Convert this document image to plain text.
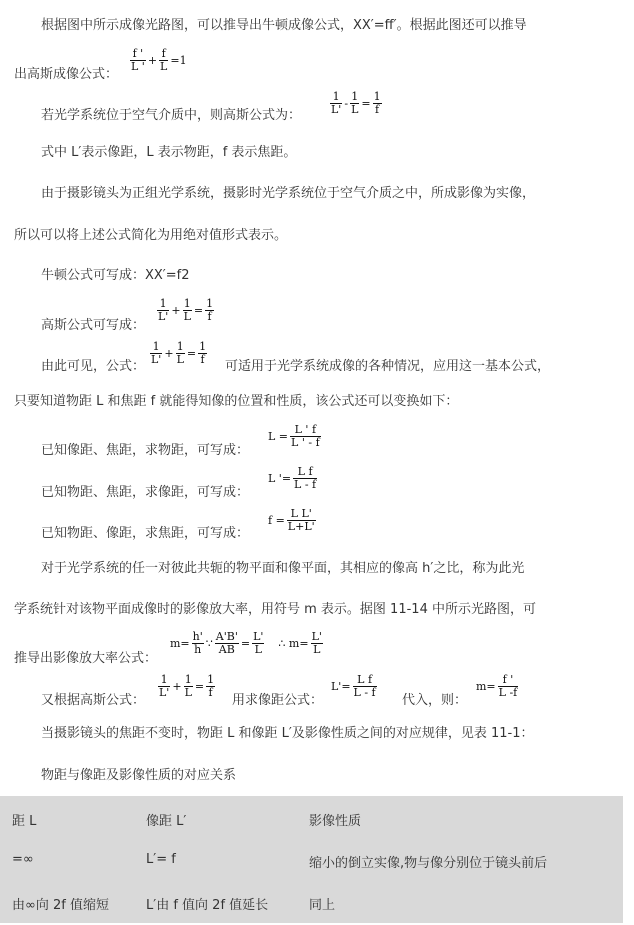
根据图中所示成像光路图，可以推导出牛顿成像公式，XX′=ff′。根据此图还可以推导
出高斯成像公式：
$\frac{f '}{L '} + \frac{f}{L} =1$
若光学系统位于空气介质中，则高斯公式为：	$\frac{1}{L'} - \frac{1}{L} = \frac{1}{f}$
式中 L′表示像距，L 表示物距，f 表示焦距。
由于摄影镜头为正组光学系统，摄影时光学系统位于空气介质之中，所成影像为实像，
所以可以将上述公式简化为用绝对值形式表示。
牛顿公式可写成：XX′=f2
高斯公式可写成：
$\frac{1}{L'} + \frac{1}{L} = \frac{1}{f}$
由此可见，公式：
$\frac{1}{L'} + \frac{1}{L} = \frac{1}{f}$
可适用于光学系统成像的各种情况，应用这一基本公式，
只要知道物距 L 和焦距 f 就能得知像的位置和性质，该公式还可以变换如下：
已知像距、焦距，求物距，可写成：
$L = \frac{L ' f}{L ' - f}$
已知物距、焦距，求像距，可写成：
L '= $\frac{\text{L f}}{L - f}$
已知物距、像距，求焦距，可写成：
$f = \frac{\text{L L'}}{L+L'}$
对于光学系统的任一对彼此共轭的物平面和像平面，其相应的像高 h′之比，称为此光
学系统针对该物平面成像时的影像放大率，用符号 m 表示。据图 11-14 中所示光路图，可
推导出影像放大率公式：
$m= \frac{h'}{h}$ ∵ $\frac{A'B'}{AB} = \frac{L'}{L}$ ∴ $m= \frac{L'}{L}$
又根据高斯公式：
$\frac{1}{L'} + \frac{1}{L} = \frac{1}{f}$
用求像距公式：
$L'= \frac{\text{L f}}{L - f}$
代入，则：
$m= \frac{f '}{L -f}$
当摄影镜头的焦距不变时，物距 L 和像距 L′及影像性质之间的对应规律，见表 11-1：
物距与像距及影像性质的对应关系
距 L	像距 L′	影像性质
=∞	L′= f	缩小的倒立实像,物与像分别位于镜头前后
由∞向 2f 值缩短	L′由 f 值向 2f 值延长	同上
